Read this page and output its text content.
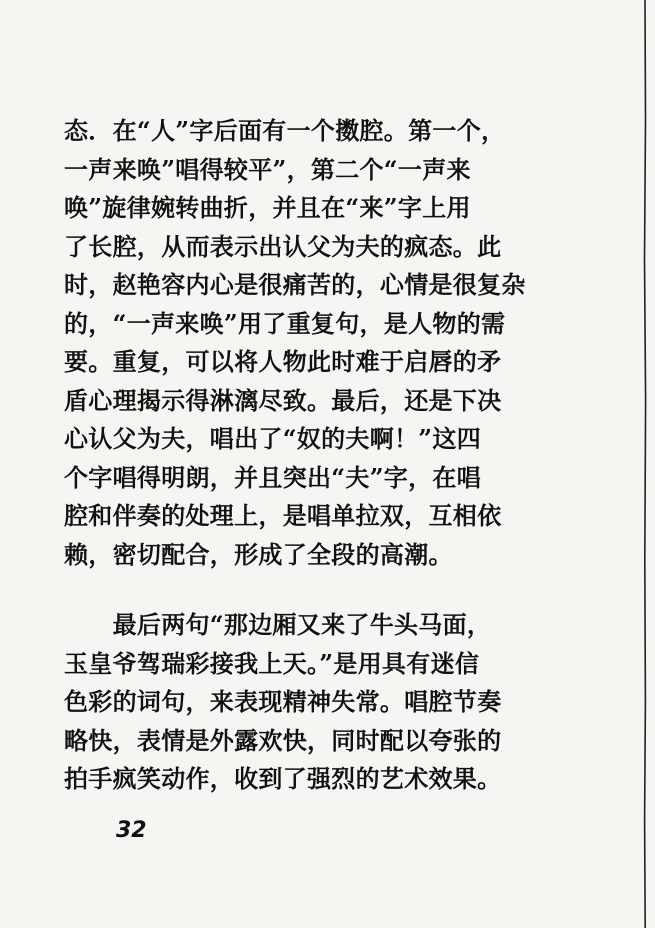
态．在“人”字后面有一个擞腔。第一个，
一声来唤”唱得较平”，第二个“一声来
唤”旋律婉转曲折，并且在“来”字上用
了长腔，从而表示出认父为夫的疯态。此
时，赵艳容内心是很痛苦的，心情是很复杂
的，“一声来唤”用了重复句，是人物的需
要。重复，可以将人物此时难于启唇的矛
盾心理揭示得淋漓尽致。最后，还是下决
心认父为夫，唱出了“奴的夫啊！”这四
个字唱得明朗，并且突出“夫”字，在唱
腔和伴奏的处理上，是唱单拉双，互相依
赖，密切配合，形成了全段的高潮。
　　最后两句“那边厢又来了牛头马面，
玉皇爷驾瑞彩接我上天。”是用具有迷信
色彩的词句，来表现精神失常。唱腔节奏
略快，表情是外露欢快，同时配以夸张的
拍手疯笑动作，收到了强烈的艺术效果。
32
